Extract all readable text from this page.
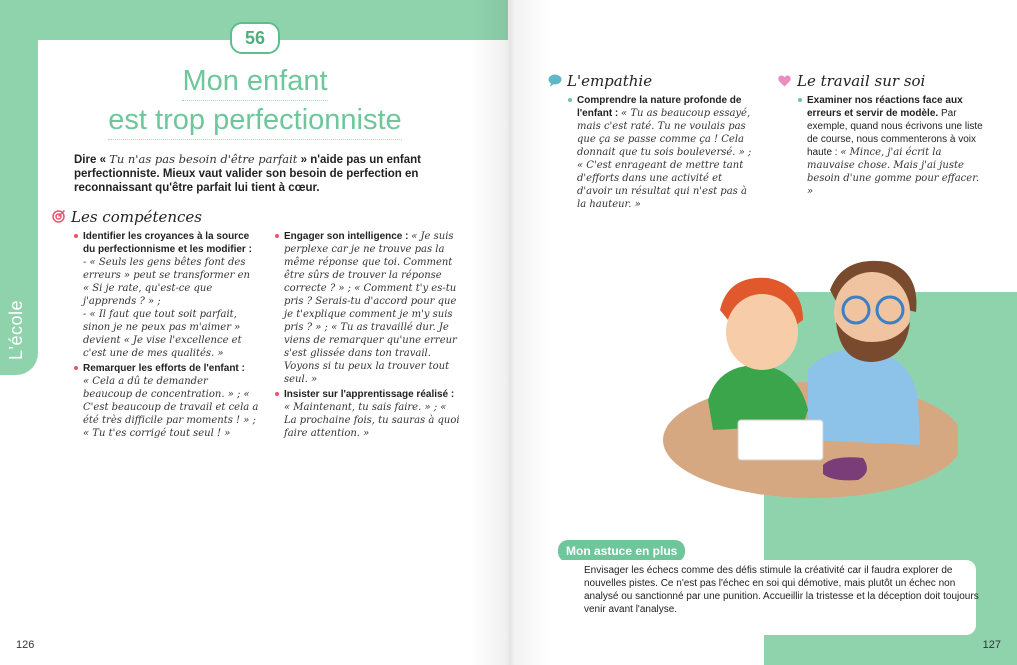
L'école
56
Mon enfant
est trop perfectionniste
Dire « Tu n'as pas besoin d'être parfait » n'aide pas un enfant perfectionniste. Mieux vaut valider son besoin de perfection en reconnaissant qu'être parfait lui tient à cœur.
Les compétences
Identifier les croyances à la source du perfectionnisme et les modifier :
- « Seuls les gens bêtes font des erreurs » peut se transformer en « Si je rate, qu'est-ce que j'apprends ? » ;
- « Il faut que tout soit parfait, sinon je ne peux pas m'aimer » devient « Je vise l'excellence et c'est une de mes qualités. »
Remarquer les efforts de l'enfant :
« Cela a dû te demander beaucoup de concentration. » ; « C'est beaucoup de travail et cela a été très difficile par moments ! » ; « Tu t'es corrigé tout seul ! »
Engager son intelligence : « Je suis perplexe car je ne trouve pas la même réponse que toi. Comment être sûrs de trouver la réponse correcte ? » ; « Comment t'y es-tu pris ? Serais-tu d'accord pour que je t'explique comment je m'y suis pris ? » ; « Tu as travaillé dur. Je viens de remarquer qu'une erreur s'est glissée dans ton travail. Voyons si tu peux la trouver tout seul. »
Insister sur l'apprentissage réalisé :
« Maintenant, tu sais faire. » ; « La prochaine fois, tu sauras à quoi faire attention. »
126
L'empathie
Comprendre la nature profonde de l'enfant : « Tu as beaucoup essayé, mais c'est raté. Tu ne voulais pas que ça se passe comme ça ! Cela donnait que tu sois bouleversé. » ; « C'est enrageant de mettre tant d'efforts dans une activité et d'avoir un résultat qui n'est pas à la hauteur. »
Le travail sur soi
Examiner nos réactions face aux erreurs et servir de modèle. Par exemple, quand nous écrivons une liste de course, nous commenterons à voix haute : « Mince, j'ai écrit la mauvaise chose. Mais j'ai juste besoin d'une gomme pour effacer. »
Mon astuce en plus
Envisager les échecs comme des défis stimule la créativité car il faudra explorer de nouvelles pistes. Ce n'est pas l'échec en soi qui démotive, mais plutôt un échec non analysé ou sanctionné par une punition. Accueillir la tristesse et la déception doit toujours venir avant l'analyse.
127
